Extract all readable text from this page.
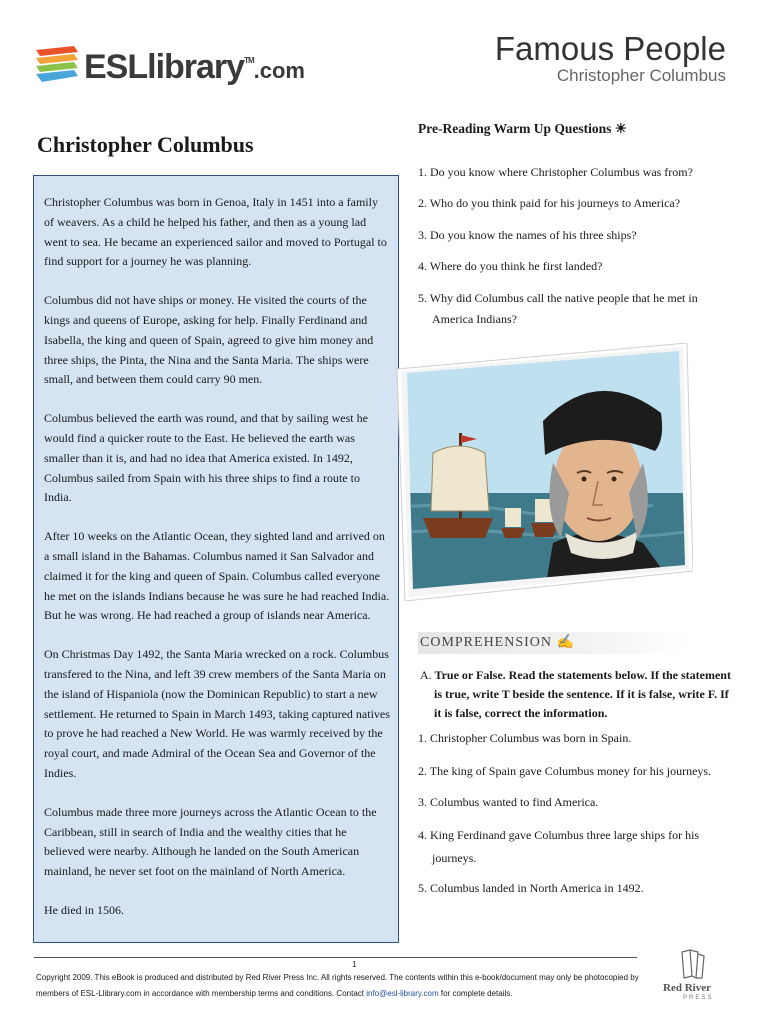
ESLlibrary™.com
Famous People
Christopher Columbus
Christopher Columbus

Christopher Columbus was born in Genoa, Italy in 1451 into a family of weavers. As a child he helped his father, and then as a young lad went to sea. He became an experienced sailor and moved to Portugal to find support for a journey he was planning.

Columbus did not have ships or money. He visited the courts of the kings and queens of Europe, asking for help. Finally Ferdinand and Isabella, the king and queen of Spain, agreed to give him money and three ships, the Pinta, the Nina and the Santa Maria. The ships were small, and between them could carry 90 men.

Columbus believed the earth was round, and that by sailing west he would find a quicker route to the East. He believed the earth was smaller than it is, and had no idea that America existed. In 1492, Columbus sailed from Spain with his three ships to find a route to India.

After 10 weeks on the Atlantic Ocean, they sighted land and arrived on a small island in the Bahamas. Columbus named it San Salvador and claimed it for the king and queen of Spain. Columbus called everyone he met on the islands Indians because he was sure he had reached India. But he was wrong. He had reached a group of islands near America.

On Christmas Day 1492, the Santa Maria wrecked on a rock. Columbus transfered to the Nina, and left 39 crew members of the Santa Maria on the island of Hispaniola (now the Dominican Republic) to start a new settlement. He returned to Spain in March 1493, taking captured natives to prove he had reached a New World. He was warmly received by the royal court, and made Admiral of the Ocean Sea and Governor of the Indies.

Columbus made three more journeys across the Atlantic Ocean to the Caribbean, still in search of India and the wealthy cities that he believed were nearby. Although he landed on the South American mainland, he never set foot on the mainland of North America.

He died in 1506.

Pre-Reading Warm Up Questions ☀
1. Do you know where Christopher Columbus was from?
2. Who do you think paid for his journeys to America?
3. Do you know the names of his three ships?
4. Where do you think he first landed?
5. Why did Columbus call the native people that he met in America Indians?
COMPREHENSION ✍
A. True or False. Read the statements below. If the statement is true, write T beside the sentence. If it is false, write F. If it is false, correct the information.
1. Christopher Columbus was born in Spain.
2. The king of Spain gave Columbus money for his journeys.
3. Columbus wanted to find America.
4. King Ferdinand gave Columbus three large ships for his journeys.
5. Columbus landed in North America in 1492.
1
Copyright 2009. This eBook is produced and distributed by Red River Press Inc. All rights reserved. The contents within this e-book/document may only be photocopied by members of ESL-Llibrary.com in accordance with membership terms and conditions. Contact info@esl-library.com for complete details.	Red River
PRESS
